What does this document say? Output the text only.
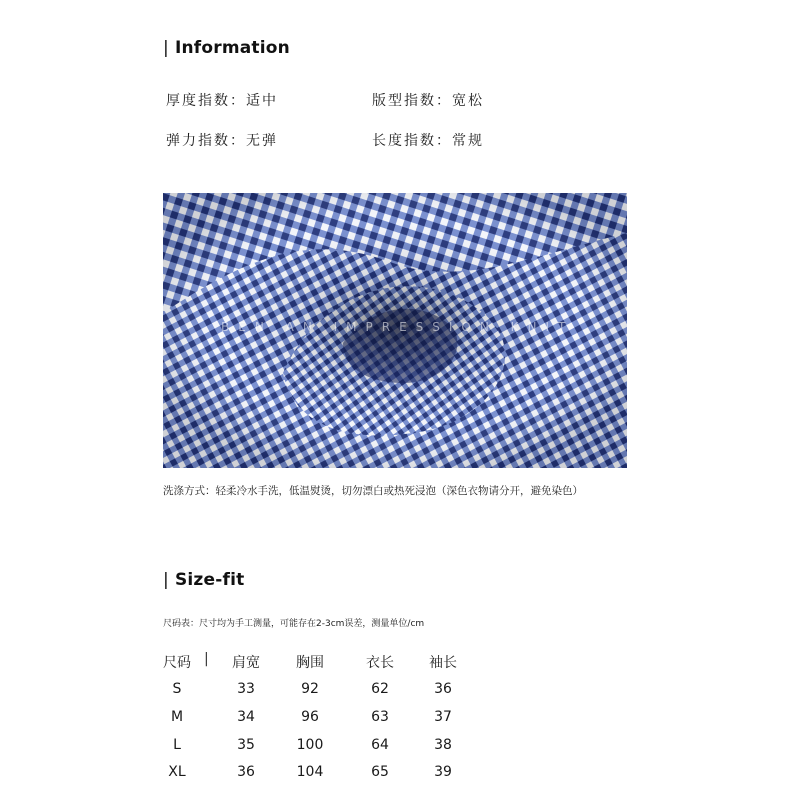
| Information
厚度指数：适中	版型指数：宽松
弹力指数：无弹	长度指数：常规
BEN AN IMPRESSION KNIT
洗涤方式：轻柔冷水手洗，低温熨烫，切勿漂白或热死浸泡（深色衣物请分开，避免染色）
| Size-fit
尺码表：尺寸均为手工测量，可能存在2-3cm误差，测量单位/cm
|
尺码	肩宽	胸围	衣长	袖长
S	33	92	62	36
M	34	96	63	37
L	35	100	64	38
XL	36	104	65	39
